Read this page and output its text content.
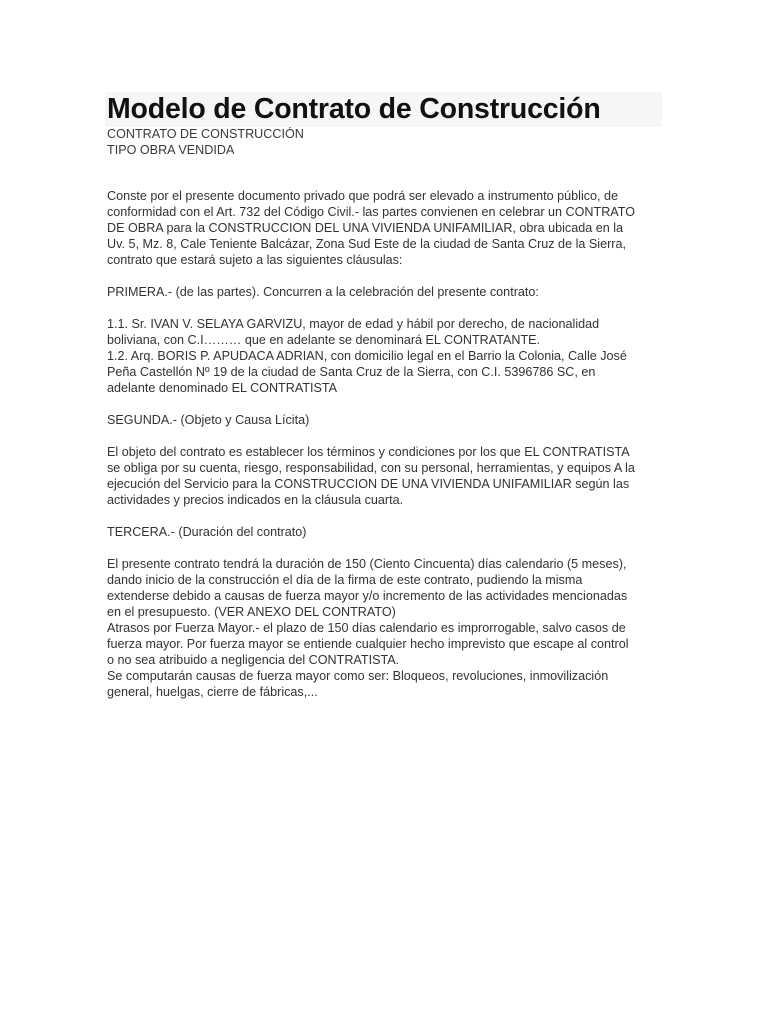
Modelo de Contrato de Construcción
CONTRATO DE CONSTRUCCIÓN
TIPO OBRA VENDIDA
Conste por el presente documento privado que podrá ser elevado a instrumento público, de
conformidad con el Art. 732 del Código Civil.- las partes convienen en celebrar un CONTRATO
DE OBRA para la CONSTRUCCION DEL UNA VIVIENDA UNIFAMILIAR, obra ubicada en la
Uv. 5, Mz. 8, Cale Teniente Balcázar, Zona Sud Este de la ciudad de Santa Cruz de la Sierra,
contrato que estará sujeto a las siguientes cláusulas:
PRIMERA.- (de las partes). Concurren a la celebración del presente contrato:
1.1. Sr. IVAN V. SELAYA GARVIZU, mayor de edad y hábil por derecho, de nacionalidad
boliviana, con C.I……… que en adelante se denominará EL CONTRATANTE.
1.2. Arq. BORIS P. APUDACA ADRIAN, con domicilio legal en el Barrio la Colonia, Calle José
Peña Castellón Nº 19 de la ciudad de Santa Cruz de la Sierra, con C.I. 5396786 SC, en
adelante denominado EL CONTRATISTA
SEGUNDA.- (Objeto y Causa Lícita)
El objeto del contrato es establecer los términos y condiciones por los que EL CONTRATISTA
se obliga por su cuenta, riesgo, responsabilidad, con su personal, herramientas, y equipos A la
ejecución del Servicio para la CONSTRUCCION DE UNA VIVIENDA UNIFAMILIAR según las
actividades y precios indicados en la cláusula cuarta.
TERCERA.- (Duración del contrato)
El presente contrato tendrá la duración de 150 (Ciento Cincuenta) días calendario (5 meses),
dando inicio de la construcción el día de la firma de este contrato, pudiendo la misma
extenderse debido a causas de fuerza mayor y/o incremento de las actividades mencionadas
en el presupuesto. (VER ANEXO DEL CONTRATO)
Atrasos por Fuerza Mayor.- el plazo de 150 días calendario es improrrogable, salvo casos de
fuerza mayor. Por fuerza mayor se entiende cualquier hecho imprevisto que escape al control
o no sea atribuido a negligencia del CONTRATISTA.
Se computarán causas de fuerza mayor como ser: Bloqueos, revoluciones, inmovilización
general, huelgas, cierre de fábricas,...
